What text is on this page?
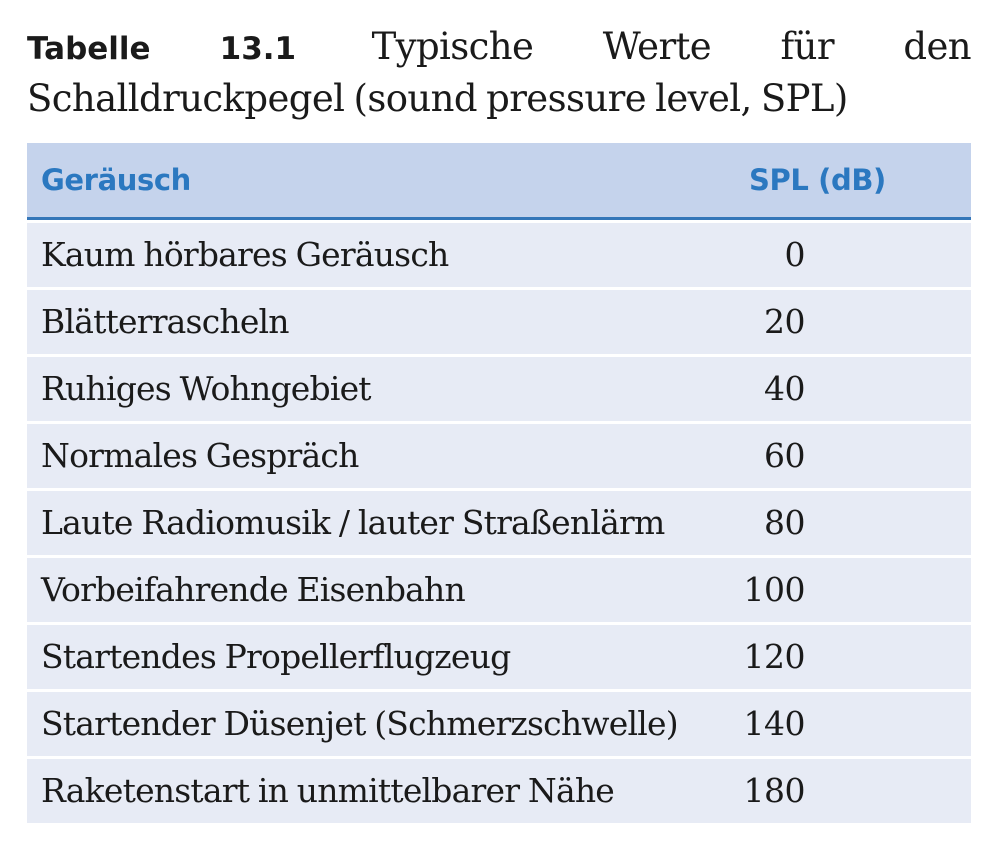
Tabelle 13.1 Typische Werte für den Schalldruckpegel (sound pressure level, SPL)
Geräusch	SPL (dB)
Kaum hörbares Geräusch	0
Blätterrascheln	20
Ruhiges Wohngebiet	40
Normales Gespräch	60
Laute Radiomusik / lauter Straßenlärm	80
Vorbeifahrende Eisenbahn	100
Startendes Propellerflugzeug	120
Startender Düsenjet (Schmerzschwelle) 140
Raketenstart in unmittelbarer Nähe	180
